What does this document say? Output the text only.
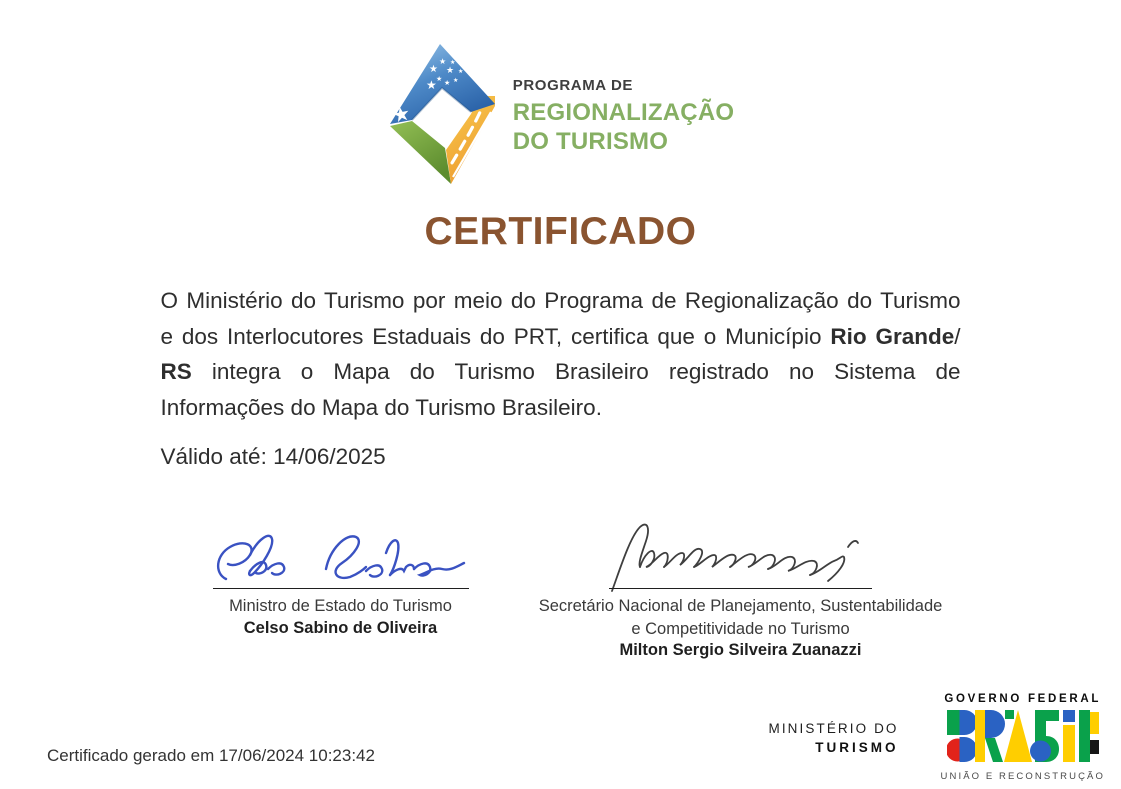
★
★
★
★
★
★ ★ ★
★
★
PROGRAMA DE
REGIONALIZAÇÃO
DO TURISMO
CERTIFICADO
O Ministério do Turismo por meio do Programa de Regionalização do Turismo
e dos Interlocutores Estaduais do PRT, certifica que o Município Rio Grande/
RS integra o Mapa do Turismo Brasileiro registrado no Sistema de
Informações do Mapa do Turismo Brasileiro.
Válido até: 14/06/2025
Ministro de Estado do Turismo
Celso Sabino de Oliveira
Secretário Nacional de Planejamento, Sustentabilidade
e Competitividade no Turismo
Milton Sergio Silveira Zuanazzi
Certificado gerado em 17/06/2024 10:23:42
MINISTÉRIO DO
TURISMO
GOVERNO FEDERAL
UNIÃO E RECONSTRUÇÃO
